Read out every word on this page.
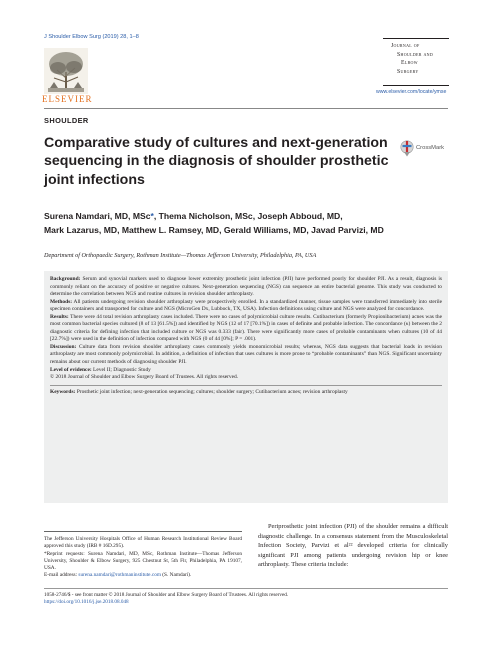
J Shoulder Elbow Surg (2019) 28, 1–8
ELSEVIER
Journal of
Shoulder and
Elbow
Surgery
www.elsevier.com/locate/ymse
SHOULDER
Comparative study of cultures and next-generation sequencing in the diagnosis of shoulder prosthetic joint infections
CrossMark
Surena Namdari, MD, MSc*, Thema Nicholson, MSc, Joseph Abboud, MD,
Mark Lazarus, MD, Matthew L. Ramsey, MD, Gerald Williams, MD, Javad Parvizi, MD
Department of Orthopaedic Surgery, Rothman Institute—Thomas Jefferson University, Philadelphia, PA, USA

Background: Serum and synovial markers used to diagnose lower extremity prosthetic joint infection (PJI) have performed poorly for shoulder PJI. As a result, diagnosis is commonly reliant on the accuracy of positive or negative cultures. Next-generation sequencing (NGS) can sequence an entire bacterial genome. This study was conducted to determine the correlation between NGS and routine cultures in revision shoulder arthroplasty.

Methods: All patients undergoing revision shoulder arthroplasty were prospectively enrolled. In a standardized manner, tissue samples were transferred immediately into sterile specimen containers and transported for culture and NGS (MicroGen Dx, Lubbock, TX, USA). Infection definitions using culture and NGS were analyzed for concordance.

Results: There were 44 total revision arthroplasty cases included. There were no cases of polymicrobial culture results. Cutibacterium (formerly Propionibacterium) acnes was the most common bacterial species cultured (8 of 13 [61.5%]) and identified by NGS (12 of 17 [70.1%]) in cases of definite and probable infection. The concordance (κ) between the 2 diagnostic criteria for defining infection that included culture or NGS was 0.333 (fair). There were significantly more cases of probable contaminants when cultures (10 of 44 [22.7%]) were used in the definition of infection compared with NGS (0 of 44 [0%]; P = .001).

Discussion: Culture data from revision shoulder arthroplasty cases commonly yields monomicrobial results; whereas, NGS data suggests that bacterial loads in revision arthroplasty are most commonly polymicrobial. In addition, a definition of infection that uses cultures is more prone to “probable contaminants” than NGS. Significant uncertainty remains about our current methods of diagnosing shoulder PJI.

Level of evidence: Level II; Diagnostic Study

© 2018 Journal of Shoulder and Elbow Surgery Board of Trustees. All rights reserved.

Keywords: Prosthetic joint infection; next-generation sequencing; cultures; shoulder surgery; Cutibacterium acnes; revision arthroplasty

The Jefferson University Hospitals Office of Human Research Institutional Review Board approved this study (IRB # 16D.295).

*Reprint requests: Surena Namdari, MD, MSc, Rothman Institute—Thomas Jefferson University, Shoulder & Elbow Surgery, 925 Chestnut St, 5th Flr, Philadelphia, PA 19107, USA.

E-mail address: surena.namdari@rothmaninstitute.com (S. Namdari).

Periprosthetic joint infection (PJI) of the shoulder remains a difficult diagnostic challenge. In a consensus statement from the Musculoskeletal Infection Society, Parvizi et al²² developed criteria for clinically significant PJI among patients undergoing revision hip or knee arthroplasty. These criteria include:

1058-2746/$ - see front matter © 2018 Journal of Shoulder and Elbow Surgery Board of Trustees. All rights reserved.
https://doi.org/10.1016/j.jse.2018.08.048
